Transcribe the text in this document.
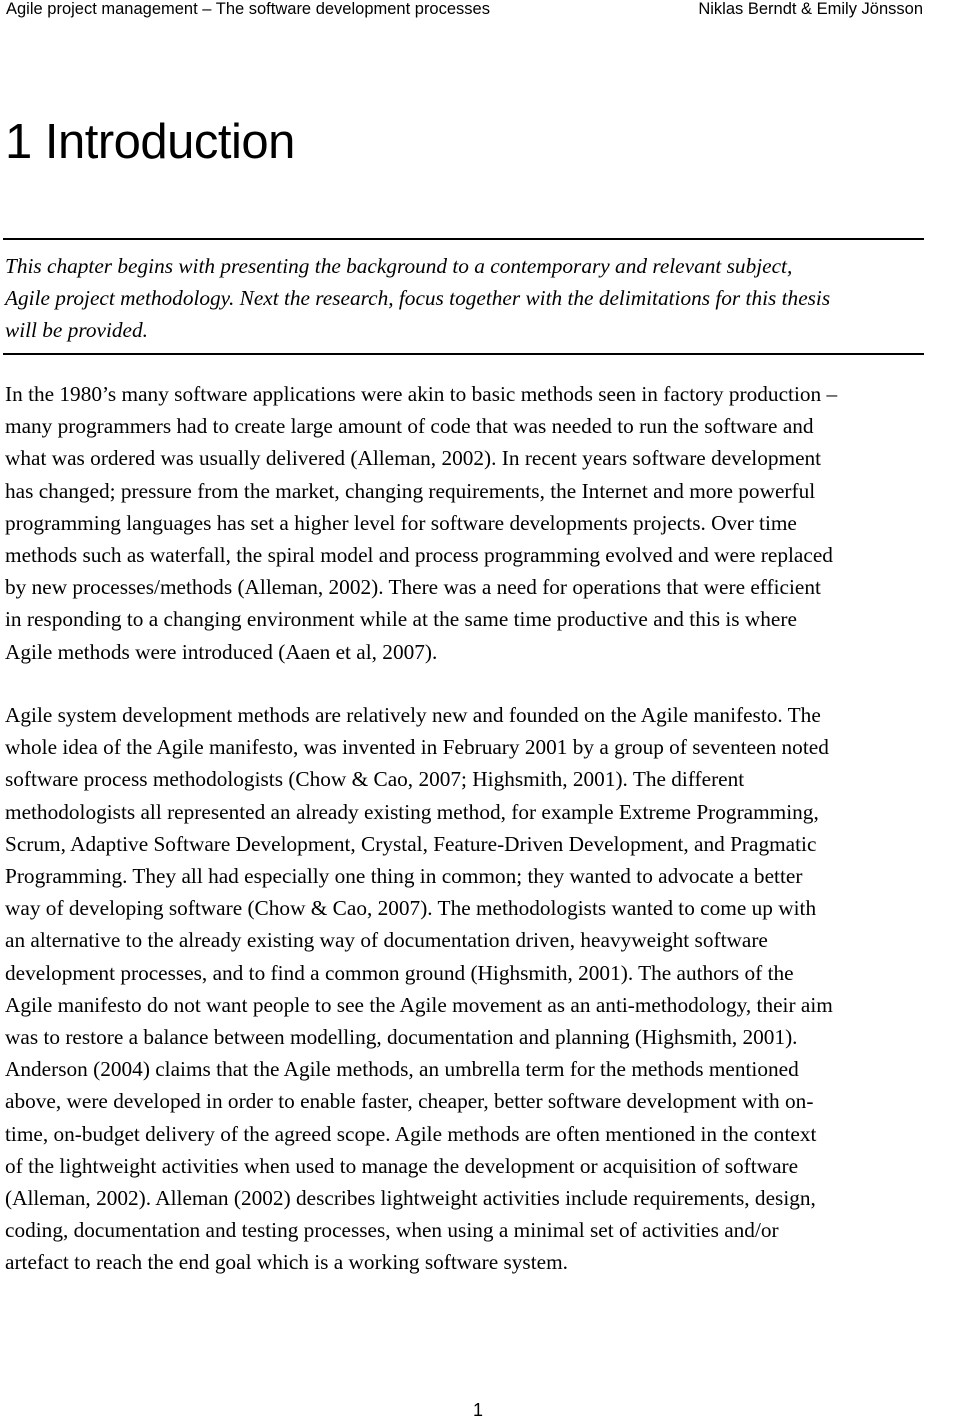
Agile project management – The software development processes	Niklas Berndt & Emily Jönsson
1 Introduction

This chapter begins with presenting the background to a contemporary and relevant subject,
Agile project methodology. Next the research, focus together with the delimitations for this thesis
will be provided.

In the 1980’s many software applications were akin to basic methods seen in factory production –
many programmers had to create large amount of code that was needed to run the software and
what was ordered was usually delivered (Alleman, 2002). In recent years software development
has changed; pressure from the market, changing requirements, the Internet and more powerful
programming languages has set a higher level for software developments projects. Over time
methods such as waterfall, the spiral model and process programming evolved and were replaced
by new processes/methods (Alleman, 2002). There was a need for operations that were efficient
in responding to a changing environment while at the same time productive and this is where
Agile methods were introduced (Aaen et al, 2007).

Agile system development methods are relatively new and founded on the Agile manifesto. The
whole idea of the Agile manifesto, was invented in February 2001 by a group of seventeen noted
software process methodologists (Chow & Cao, 2007; Highsmith, 2001). The different
methodologists all represented an already existing method, for example Extreme Programming,
Scrum, Adaptive Software Development, Crystal, Feature-Driven Development, and Pragmatic
Programming. They all had especially one thing in common; they wanted to advocate a better
way of developing software (Chow & Cao, 2007). The methodologists wanted to come up with
an alternative to the already existing way of documentation driven, heavyweight software
development processes, and to find a common ground (Highsmith, 2001). The authors of the
Agile manifesto do not want people to see the Agile movement as an anti-methodology, their aim
was to restore a balance between modelling, documentation and planning (Highsmith, 2001).
Anderson (2004) claims that the Agile methods, an umbrella term for the methods mentioned
above, were developed in order to enable faster, cheaper, better software development with on-
time, on-budget delivery of the agreed scope. Agile methods are often mentioned in the context
of the lightweight activities when used to manage the development or acquisition of software
(Alleman, 2002). Alleman (2002) describes lightweight activities include requirements, design,
coding, documentation and testing processes, when using a minimal set of activities and/or
artefact to reach the end goal which is a working software system.

1
